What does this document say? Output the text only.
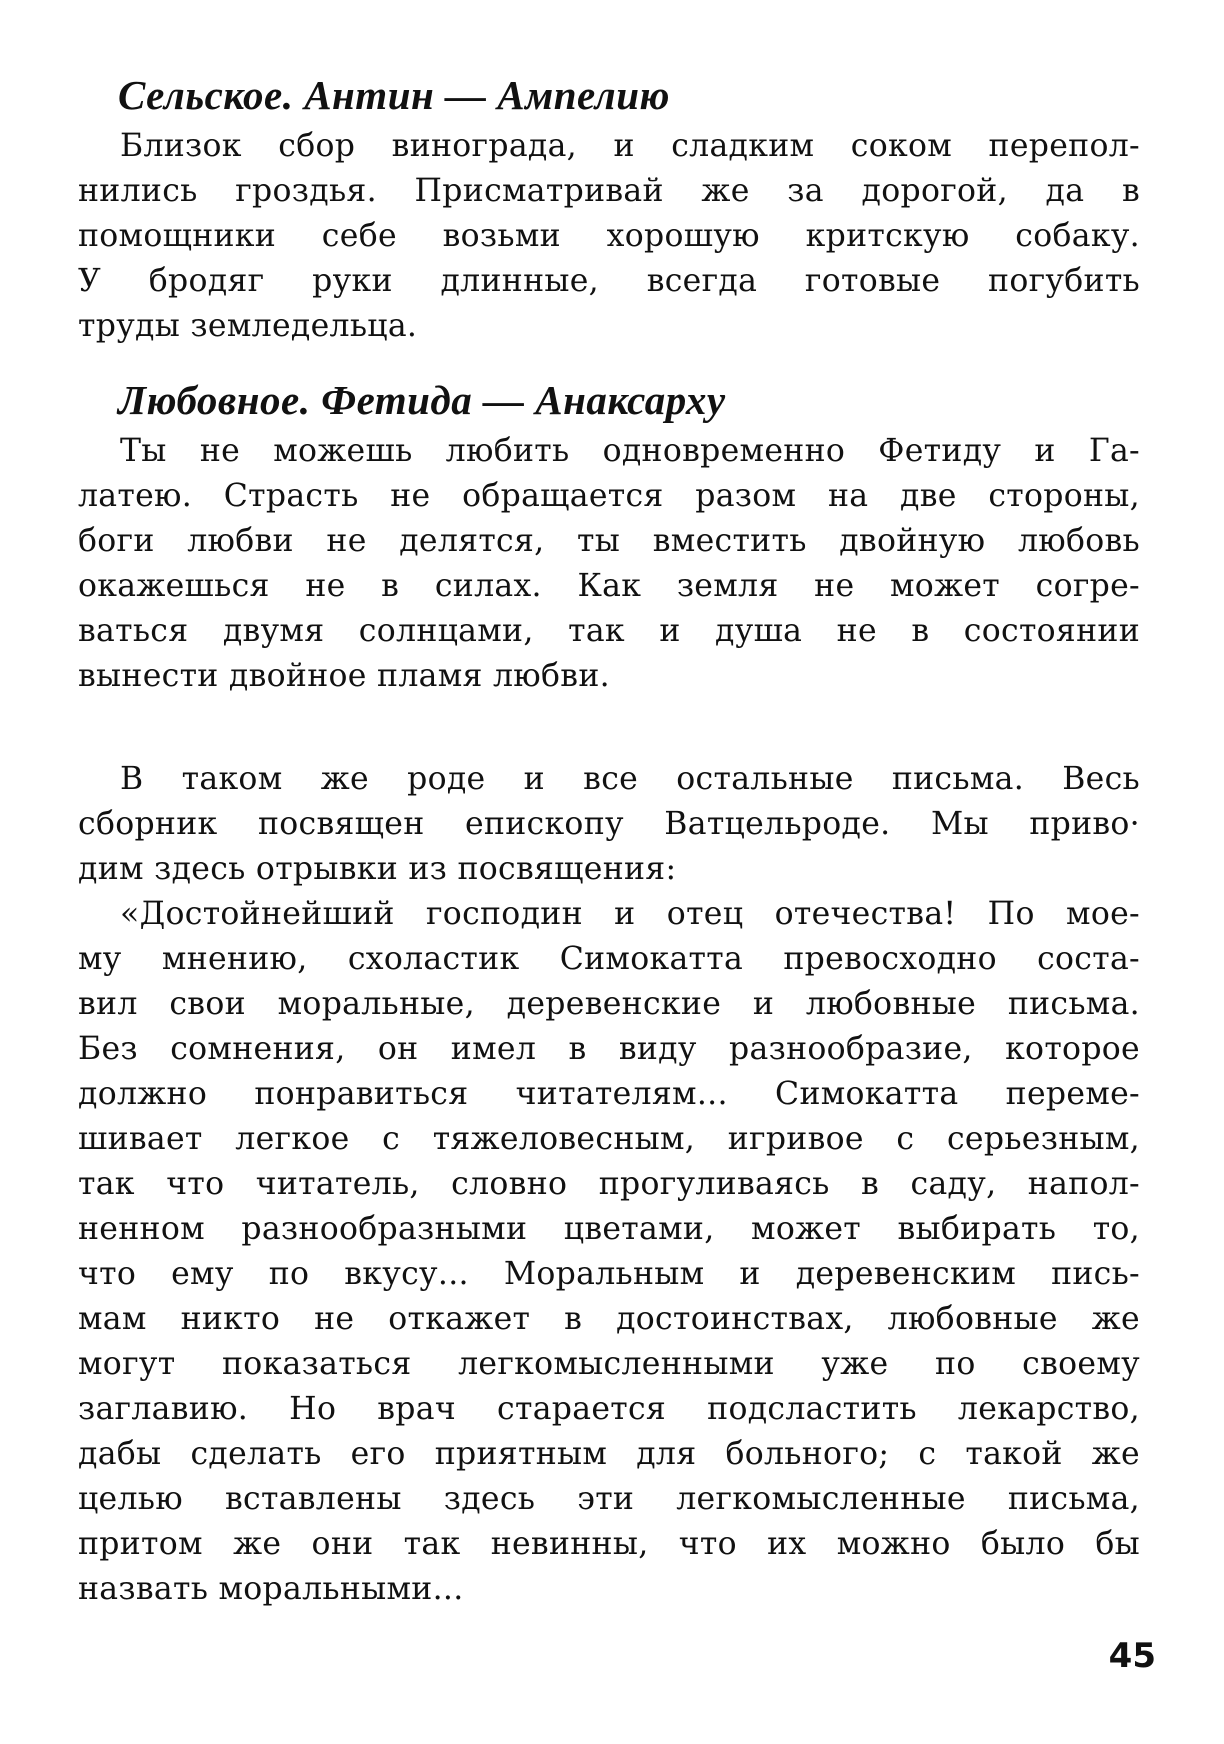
Сельское. Антин — Ампелию

Близок сбор винограда, и сладким соком перепол-
нились гроздья. Присматривай же за дорогой, да в
помощники себе возьми хорошую критскую собаку.
У бродяг руки длинные, всегда готовые погубить
труды земледельца.

Любовное. Фетида — Анаксарху

Ты не можешь любить одновременно Фетиду и Га-
латею. Страсть не обращается разом на две стороны,
боги любви не делятся, ты вместить двойную любовь
окажешься не в силах. Как земля не может согре-
ваться двумя солнцами, так и душа не в состоянии
вынести двойное пламя любви.

В таком же роде и все остальные письма. Весь
сборник посвящен епископу Ватцельроде. Мы приво·
дим здесь отрывки из посвящения:

«Достойнейший господин и отец отечества! По мое-
му мнению, схоластик Симокатта превосходно соста-
вил свои моральные, деревенские и любовные письма.
Без сомнения, он имел в виду разнообразие, которое
должно понравиться читателям... Симокатта переме-
шивает легкое с тяжеловесным, игривое с серьезным,
так что читатель, словно прогуливаясь в саду, напол-
ненном разнообразными цветами, может выбирать то,
что ему по вкусу... Моральным и деревенским пись-
мам никто не откажет в достоинствах, любовные же
могут показаться легкомысленными уже по своему
заглавию. Но врач старается подсластить лекарство,
дабы сделать его приятным для больного; с такой же
целью вставлены здесь эти легкомысленные письма,
притом же они так невинны, что их можно было бы
назвать моральными...

45
